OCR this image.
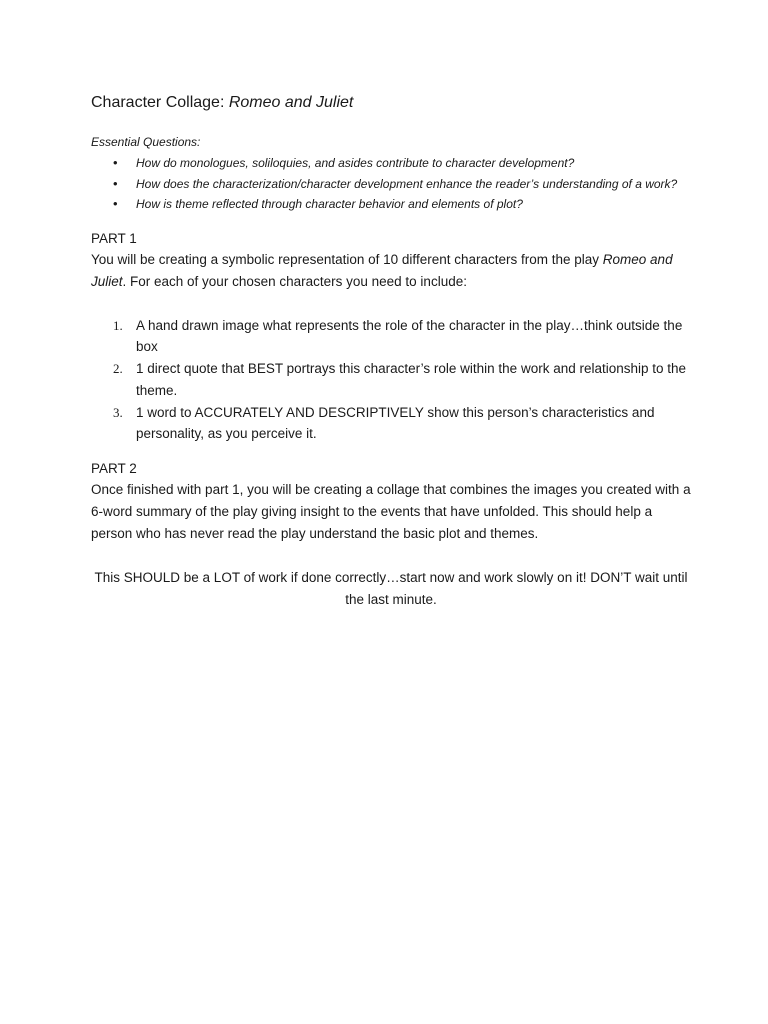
Character Collage: Romeo and Juliet

Essential Questions:

• How do monologues, soliloquies, and asides contribute to character development?
• How does the characterization/character development enhance the reader’s understanding of a work?
• How is theme reflected through character behavior and elements of plot?

PART 1

You will be creating a symbolic representation of 10 different characters from the play Romeo and Juliet. For each of your chosen characters you need to include:

1. A hand drawn image what represents the role of the character in the play…think outside the box
2. 1 direct quote that BEST portrays this character’s role within the work and relationship to the theme.
3. 1 word to ACCURATELY AND DESCRIPTIVELY show this person’s characteristics and personality, as you perceive it.

PART 2

Once finished with part 1, you will be creating a collage that combines the images you created with a 6-word summary of the play giving insight to the events that have unfolded. This should help a person who has never read the play understand the basic plot and themes.

This SHOULD be a LOT of work if done correctly…start now and work slowly on it! DON’T wait until the last minute.
